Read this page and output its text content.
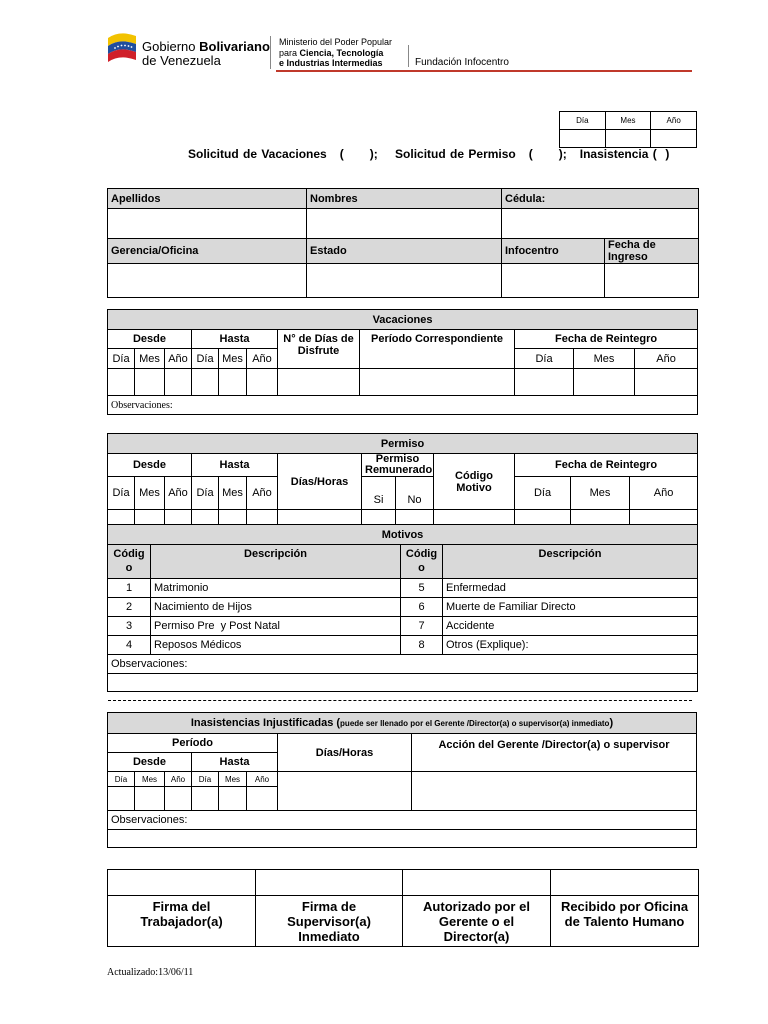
Gobierno Bolivariano
de Venezuela
Ministerio del Poder Popular
para Ciencia, Tecnología
e Industrias Intermedias	Fundación Infocentro
Día	Mes	Año

Solicitud de Vacaciones   (      );    Solicitud de Permiso   (      );   Inasistencia (  )
Apellidos	Nombres	Cédula:	

Gerencia/Oficina	Estado	Infocentro	Fecha de Ingreso

Vacaciones										
Desde			Hasta			N° de Días de Disfrute	Período Correspondiente	Fecha de Reintegro		
Día	Mes	Año	Día	Mes	Año			Día	Mes	Año

Observaciones:										
Permiso												
Desde			Hasta			Días/Horas	Permiso Remunerado		Código Motivo	Fecha de Reintegro		
Día	Mes	Año	Día	Mes	Año		Si	No		Día	Mes	Año

Motivos			
Códig o	Descripción	Códig o	Descripción
1	Matrimonio	5	Enfermedad
2	Nacimiento de Hijos	6	Muerte de Familiar Directo
3	Permiso Pre  y Post Natal	7	Accidente
4	Reposos Médicos	8	Otros (Explique):
Observaciones:			

Inasistencias Injustificadas (puede ser llenado por el Gerente /Director(a) o supervisor(a) inmediato)							
Período						Días/Horas	Acción del Gerente /Director(a) o supervisor
Desde			Hasta				
Día	Mes	Año	Día	Mes	Año		

Observaciones:							

Firma del Trabajador(a)	Firma de Supervisor(a) Inmediato	Autorizado por el Gerente o el Director(a)	Recibido por Oficina de Talento Humano
Actualizado:13/06/11
